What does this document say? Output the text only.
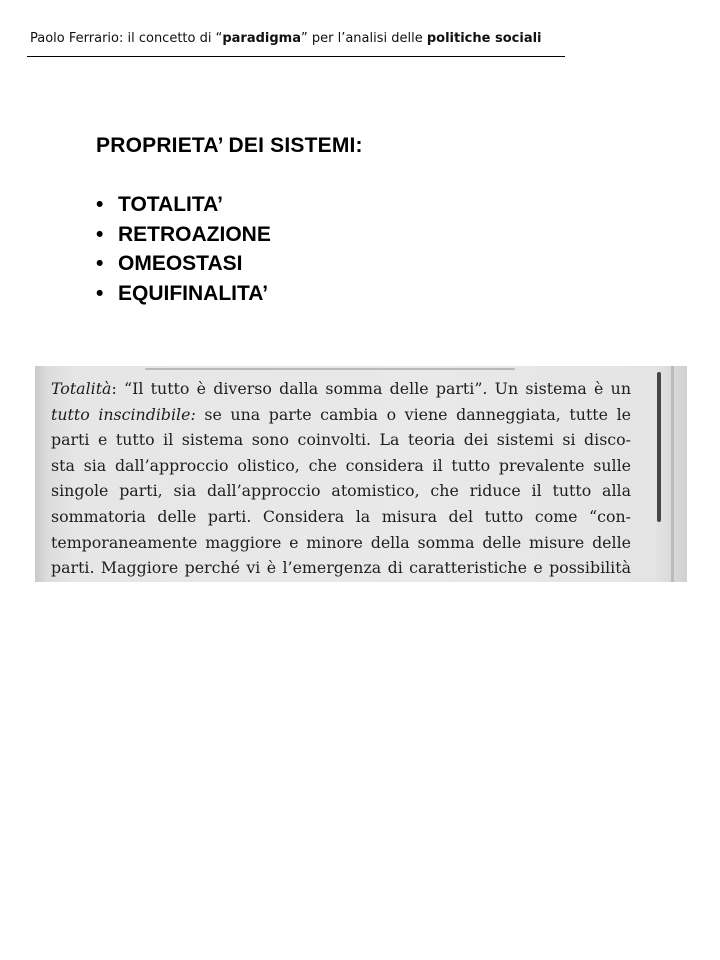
Paolo Ferrario: il concetto di “paradigma” per l’analisi delle politiche sociali
PROPRIETA’ DEI SISTEMI:
• TOTALITA’
• RETROAZIONE
• OMEOSTASI
• EQUIFINALITA’
Totalità: “Il tutto è diverso dalla somma delle parti”. Un sistema è un
tutto inscindibile: se una parte cambia o viene danneggiata, tutte le
parti e tutto il sistema sono coinvolti. La teoria dei sistemi si disco-
sta sia dall’approccio olistico, che considera il tutto prevalente sulle
singole parti, sia dall’approccio atomistico, che riduce il tutto alla
sommatoria delle parti. Considera la misura del tutto come “con-
temporaneamente maggiore e minore della somma delle misure delle
parti. Maggiore perché vi è l’emergenza di caratteristiche e possibilità
